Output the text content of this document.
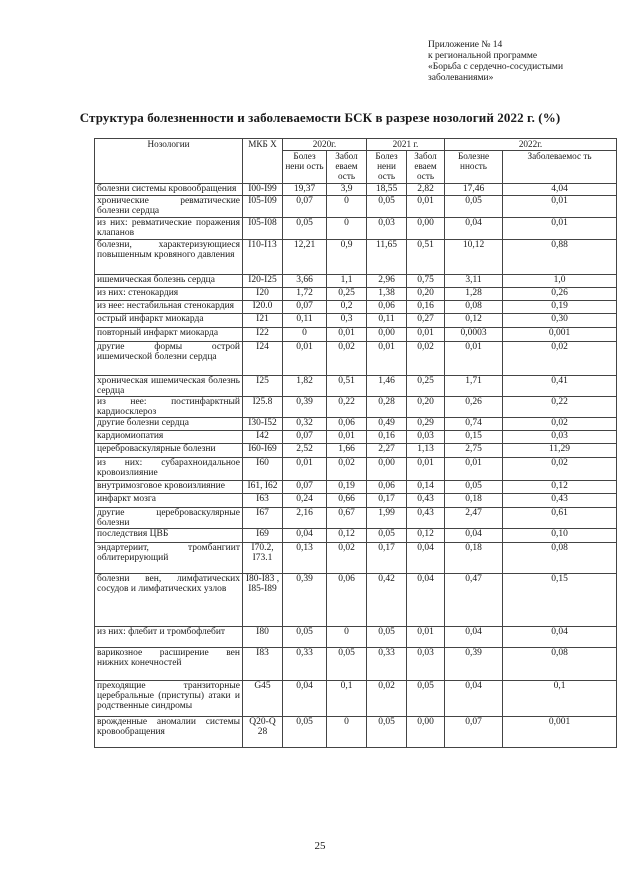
Приложение № 14
к региональной программе
«Борьба с сердечно-сосудистыми
заболеваниями»
Структура болезненности и заболеваемости БСК в разрезе нозологий 2022 г. (%)
Нозологии	МКБ X	2020г.		2021 г.		2022г.	
		Болез нени ость	Забол еваем ость	Болез нени ость	Забол еваем ость	Болезне нность	Заболеваемос ть
болезни системы кровообращения	I00-I99	19,37	3,9	18,55	2,82	17,46	4,04
хронические ревматические болезни сердца	I05-I09	0,07	0	0,05	0,01	0,05	0,01
из них: ревматические поражения клапанов	I05-I08	0,05	0	0,03	0,00	0,04	0,01
болезни, характеризующиеся повышенным кровяного давления	I10-I13	12,21	0,9	11,65	0,51	10,12	0,88
ишемическая болезнь сердца	I20-I25	3,66	1,1	2,96	0,75	3,11	1,0
из них: стенокардия	I20	1,72	0,25	1,38	0,20	1,28	0,26
из нее: нестабильная стенокардия	I20.0	0,07	0,2	0,06	0,16	0,08	0,19
острый инфаркт миокарда	I21	0,11	0,3	0,11	0,27	0,12	0,30
повторный инфаркт миокарда	I22	0	0,01	0,00	0,01	0,0003	0,001
другие формы острой ишемической болезни сердца	I24	0,01	0,02	0,01	0,02	0,01	0,02
хроническая ишемическая болезнь сердца	I25	1,82	0,51	1,46	0,25	1,71	0,41
из нее: постинфарктный кардиосклероз	I25.8	0,39	0,22	0,28	0,20	0,26	0,22
другие болезни сердца	I30-I52	0,32	0,06	0,49	0,29	0,74	0,02
кардиомиопатия	I42	0,07	0,01	0,16	0,03	0,15	0,03
цереброваскулярные болезни	I60-I69	2,52	1,66	2,27	1,13	2,75	11,29
из них: субарахноидальное кровоизлияние	I60	0,01	0,02	0,00	0,01	0,01	0,02
внутримозговое кровоизлияние	I61, I62	0,07	0,19	0,06	0,14	0,05	0,12
инфаркт мозга	I63	0,24	0,66	0,17	0,43	0,18	0,43
другие цереброваскулярные болезни	I67	2,16	0,67	1,99	0,43	2,47	0,61
последствия ЦВБ	I69	0,04	0,12	0,05	0,12	0,04	0,10
эндартериит, тромбангиит облитерирующий	I70.2, I73.1	0,13	0,02	0,17	0,04	0,18	0,08
болезни вен, лимфатических сосудов и лимфатических узлов	I80-I83 , I85-I89	0,39	0,06	0,42	0,04	0,47	0,15
из них: флебит и тромбофлебит	I80	0,05	0	0,05	0,01	0,04	0,04
варикозное расширение вен нижних конечностей	I83	0,33	0,05	0,33	0,03	0,39	0,08
преходящие транзиторные церебральные (приступы) атаки и родственные синдромы	G45	0,04	0,1	0,02	0,05	0,04	0,1
врожденные аномалии системы кровообращения	Q20-Q 28	0,05	0	0,05	0,00	0,07	0,001
25
